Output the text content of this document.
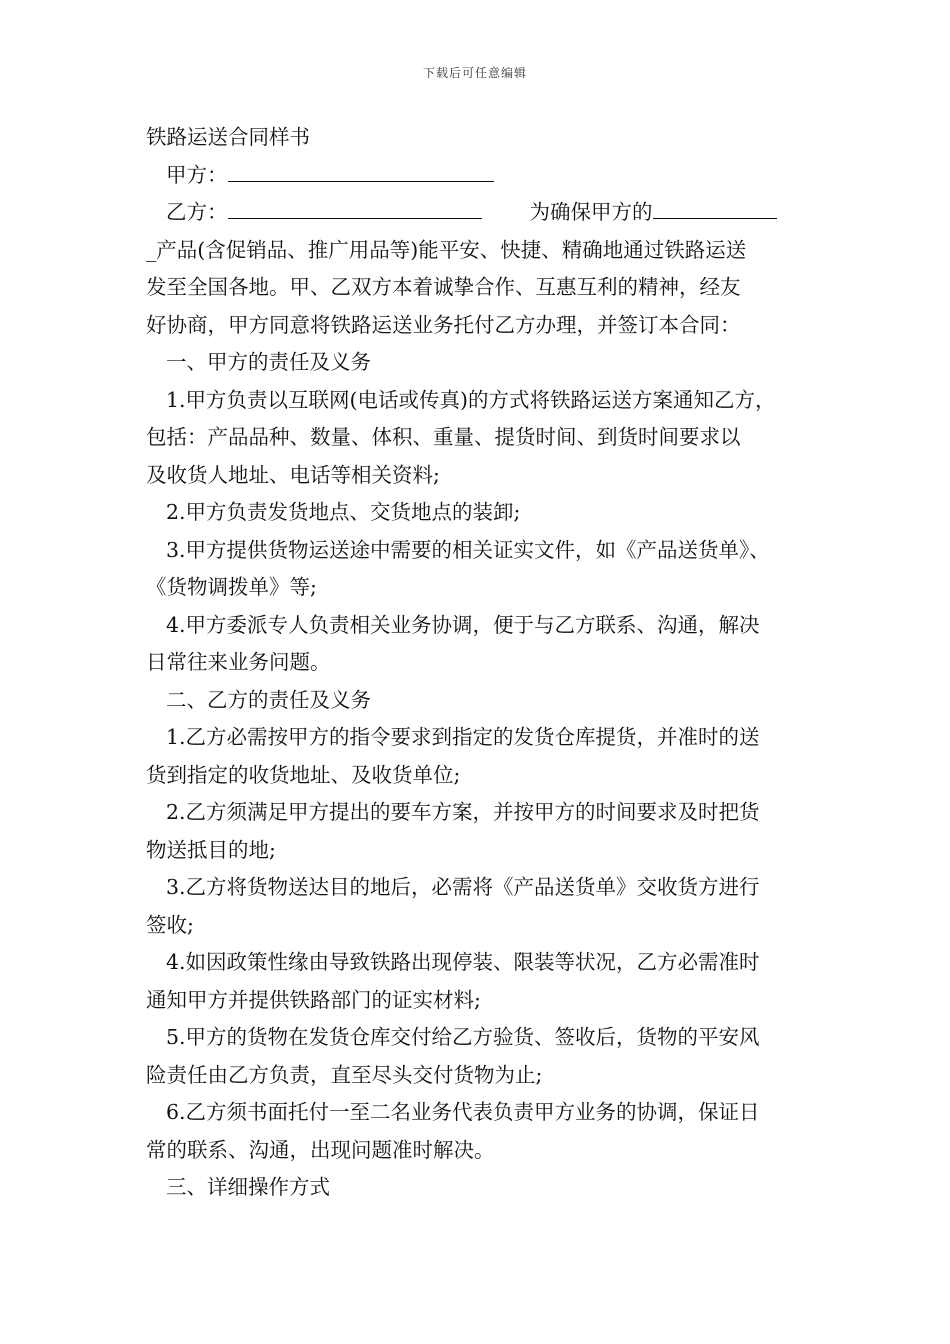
下载后可任意编辑
铁路运送合同样书
甲方：
乙方：	为确保甲方的
_产品(含促销品、推广用品等)能平安、快捷、精确地通过铁路运送
发至全国各地。甲、乙双方本着诚挚合作、互惠互利的精神，经友
好协商，甲方同意将铁路运送业务托付乙方办理，并签订本合同：
一、甲方的责任及义务
1.甲方负责以互联网(电话或传真)的方式将铁路运送方案通知乙方，
包括：产品品种、数量、体积、重量、提货时间、到货时间要求以
及收货人地址、电话等相关资料;
2.甲方负责发货地点、交货地点的装卸;
3.甲方提供货物运送途中需要的相关证实文件，如《产品送货单》、
《货物调拨单》等;
4.甲方委派专人负责相关业务协调，便于与乙方联系、沟通，解决
日常往来业务问题。
二、乙方的责任及义务
1.乙方必需按甲方的指令要求到指定的发货仓库提货，并准时的送
货到指定的收货地址、及收货单位;
2.乙方须满足甲方提出的要车方案，并按甲方的时间要求及时把货
物送抵目的地;
3.乙方将货物送达目的地后，必需将《产品送货单》交收货方进行
签收;
4.如因政策性缘由导致铁路出现停装、限装等状况，乙方必需准时
通知甲方并提供铁路部门的证实材料;
5.甲方的货物在发货仓库交付给乙方验货、签收后，货物的平安风
险责任由乙方负责，直至尽头交付货物为止;
6.乙方须书面托付一至二名业务代表负责甲方业务的协调，保证日
常的联系、沟通，出现问题准时解决。
三、详细操作方式
